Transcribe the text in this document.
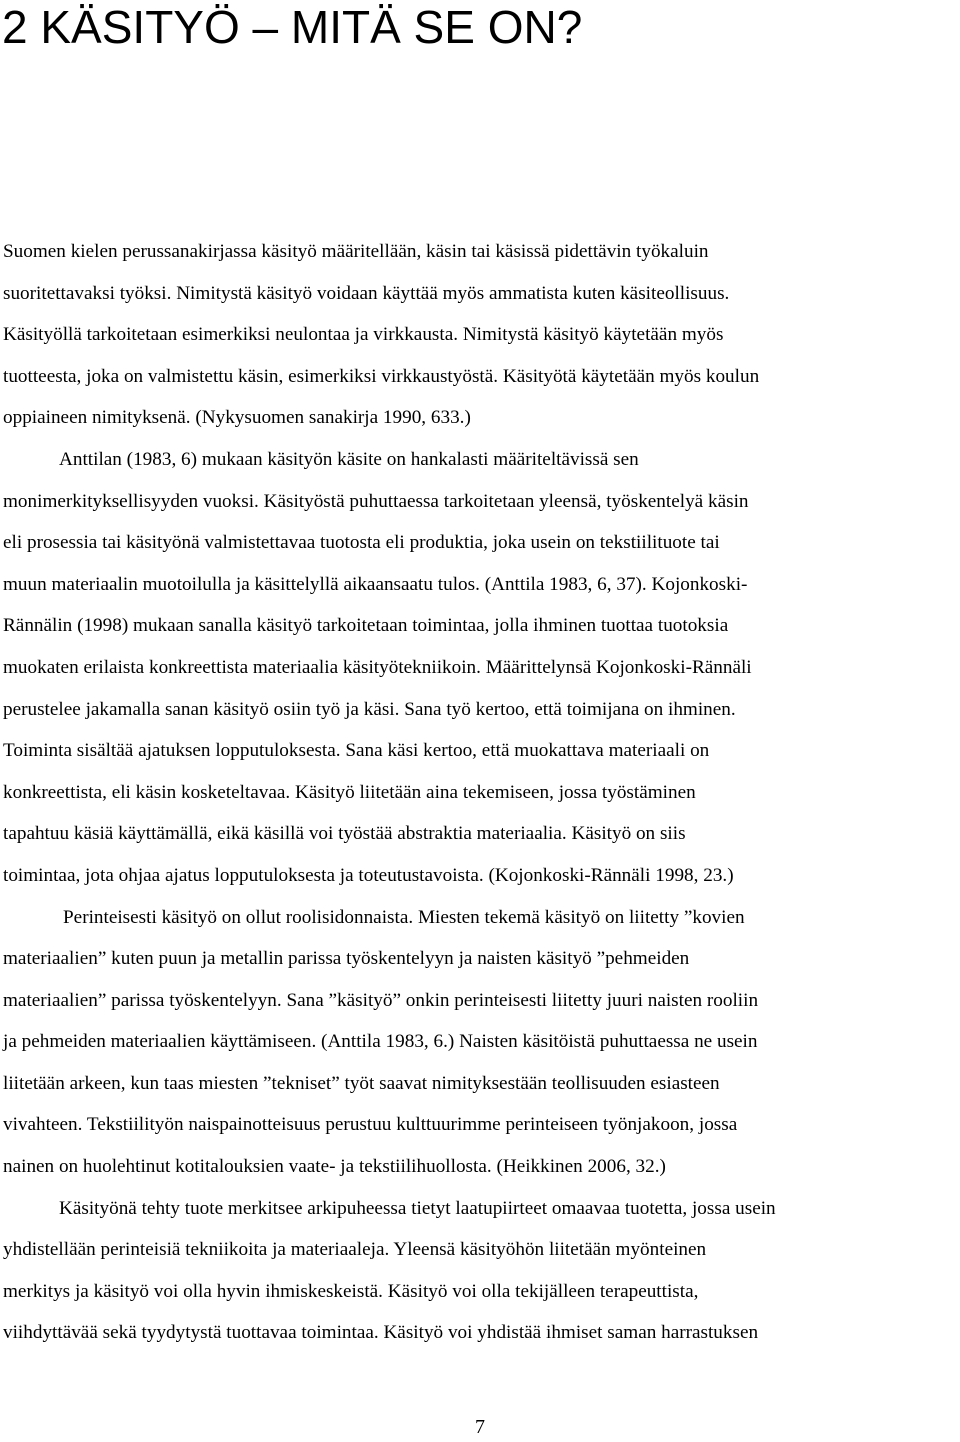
2 KÄSITYÖ – MITÄ SE ON?

Suomen kielen perussanakirjassa käsityö määritellään, käsin tai käsissä pidettävin työkaluin
suoritettavaksi työksi. Nimitystä käsityö voidaan käyttää myös ammatista kuten käsiteollisuus.
Käsityöllä tarkoitetaan esimerkiksi neulontaa ja virkkausta. Nimitystä käsityö käytetään myös
tuotteesta, joka on valmistettu käsin, esimerkiksi virkkaustyöstä. Käsityötä käytetään myös koulun
oppiaineen nimityksenä. (Nykysuomen sanakirja 1990, 633.)

Anttilan (1983, 6) mukaan käsityön käsite on hankalasti määriteltävissä sen
monimerkityksellisyyden vuoksi. Käsityöstä puhuttaessa tarkoitetaan yleensä, työskentelyä käsin
eli prosessia tai käsityönä valmistettavaa tuotosta eli produktia, joka usein on tekstiilituote tai
muun materiaalin muotoilulla ja käsittelyllä aikaansaatu tulos. (Anttila 1983, 6, 37). Kojonkoski-
Rännälin (1998) mukaan sanalla käsityö tarkoitetaan toimintaa, jolla ihminen tuottaa tuotoksia
muokaten erilaista konkreettista materiaalia käsityötekniikoin. Määrittelynsä Kojonkoski-Rännäli
perustelee jakamalla sanan käsityö osiin työ ja käsi. Sana työ kertoo, että toimijana on ihminen.
Toiminta sisältää ajatuksen lopputuloksesta. Sana käsi kertoo, että muokattava materiaali on
konkreettista, eli käsin kosketeltavaa. Käsityö liitetään aina tekemiseen, jossa työstäminen
tapahtuu käsiä käyttämällä, eikä käsillä voi työstää abstraktia materiaalia. Käsityö on siis
toimintaa, jota ohjaa ajatus lopputuloksesta ja toteutustavoista. (Kojonkoski-Rännäli 1998, 23.)

Perinteisesti käsityö on ollut roolisidonnaista. Miesten tekemä käsityö on liitetty ”kovien
materiaalien” kuten puun ja metallin parissa työskentelyyn ja naisten käsityö ”pehmeiden
materiaalien” parissa työskentelyyn. Sana ”käsityö” onkin perinteisesti liitetty juuri naisten rooliin
ja pehmeiden materiaalien käyttämiseen. (Anttila 1983, 6.) Naisten käsitöistä puhuttaessa ne usein
liitetään arkeen, kun taas miesten ”tekniset” työt saavat nimityksestään teollisuuden esiasteen
vivahteen. Tekstiilityön naispainotteisuus perustuu kulttuurimme perinteiseen työnjakoon, jossa
nainen on huolehtinut kotitalouksien vaate- ja tekstiilihuollosta. (Heikkinen 2006, 32.)

Käsityönä tehty tuote merkitsee arkipuheessa tietyt laatupiirteet omaavaa tuotetta, jossa usein
yhdistellään perinteisiä tekniikoita ja materiaaleja. Yleensä käsityöhön liitetään myönteinen
merkitys ja käsityö voi olla hyvin ihmiskeskeistä. Käsityö voi olla tekijälleen terapeuttista,
viihdyttävää sekä tyydytystä tuottavaa toimintaa. Käsityö voi yhdistää ihmiset saman harrastuksen

7
